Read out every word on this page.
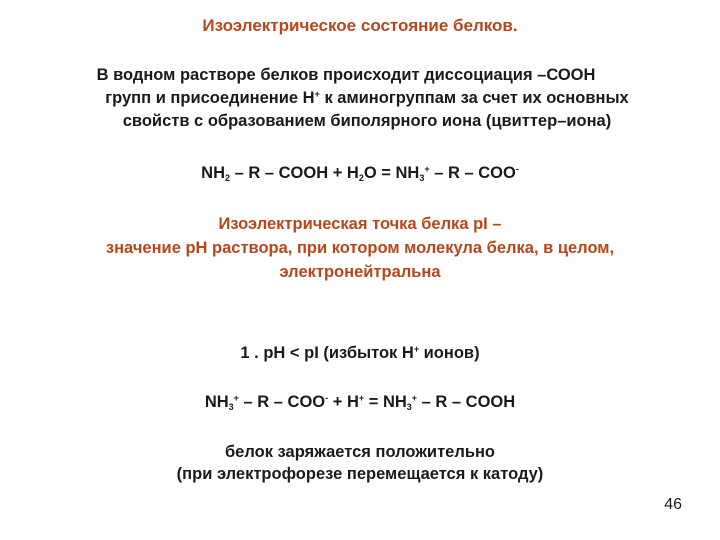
Изоэлектрическое состояние белков.
В водном растворе белков происходит диссоциация –СООН
групп и присоединение Н+ к аминогруппам за счет их основных
свойств с образованием биполярного иона (цвиттер–иона)
$NH_2$ – R – COOH + $H_2O = NH_3^+ - R - COO^-$
Изоэлектрическая точка белка pI –
значение рН раствора, при котором молекула белка, в целом,
электронейтральна
1 . рН < pI (избыток Н+ ионов)
$NH_3^+ - R - COO^- + H^+ = NH_3^+ - R$ – COOH
белок заряжается положительно
(при электрофорезе перемещается к катоду)
46
